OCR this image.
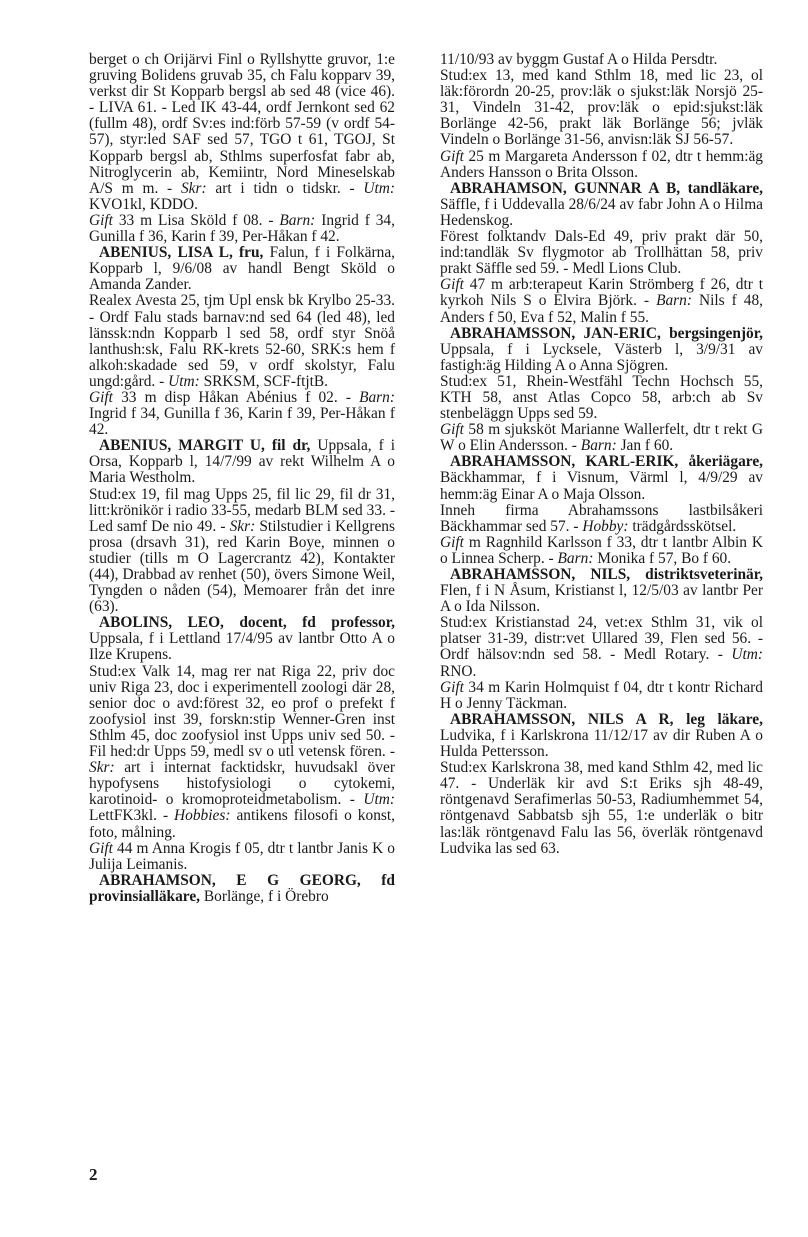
berget o ch Orijärvi Finl o Ryllshytte gruvor, 1:e gruving Bolidens gruvab 35, ch Falu kopparv 39, verkst dir St Kopparb bergsl ab sed 48 (vice 46). - LIVA 61. - Led IK 43-44, ordf Jernkont sed 62 (fullm 48), ordf Sv:es ind:förb 57-59 (v ordf 54-57), styr:led SAF sed 57, TGO t 61, TGOJ, St Kopparb bergsl ab, Sthlms superfosfat fabr ab, Nitroglycerin ab, Kemiintr, Nord Mineselskab A/S m m. - Skr: art i tidn o tidskr. - Utm: KVO1kl, KDDO.

Gift 33 m Lisa Sköld f 08. - Barn: Ingrid f 34, Gunilla f 36, Karin f 39, Per-Håkan f 42.

ABENIUS, LISA L, fru, Falun, f i Folkärna, Kopparb l, 9/6/08 av handl Bengt Sköld o Amanda Zander.

Realex Avesta 25, tjm Upl ensk bk Krylbo 25-33. - Ordf Falu stads barnav:nd sed 64 (led 48), led länssk:ndn Kopparb l sed 58, ordf styr Snöå lanthush:sk, Falu RK-krets 52-60, SRK:s hem f alkoh:skadade sed 59, v ordf skolstyr, Falu ungd:gård. - Utm: SRKSM, SCF-ftjtB.

Gift 33 m disp Håkan Abénius f 02. - Barn: Ingrid f 34, Gunilla f 36, Karin f 39, Per-Håkan f 42.

ABENIUS, MARGIT U, fil dr, Uppsala, f i Orsa, Kopparb l, 14/7/99 av rekt Wilhelm A o Maria Westholm.

Stud:ex 19, fil mag Upps 25, fil lic 29, fil dr 31, litt:krönikör i radio 33-55, medarb BLM sed 33. - Led samf De nio 49. - Skr: Stilstudier i Kellgrens prosa (drsavh 31), red Karin Boye, minnen o studier (tills m O Lagercrantz 42), Kontakter (44), Drabbad av renhet (50), övers Simone Weil, Tyngden o nåden (54), Memoarer från det inre (63).

ABOLINS, LEO, docent, fd professor, Uppsala, f i Lettland 17/4/95 av lantbr Otto A o Ilze Krupens.

Stud:ex Valk 14, mag rer nat Riga 22, priv doc univ Riga 23, doc i experimentell zoologi där 28, senior doc o avd:förest 32, eo prof o prefekt f zoofysiol inst 39, forskn:stip Wenner-Gren inst Sthlm 45, doc zoofysiol inst Upps univ sed 50. - Fil hed:dr Upps 59, medl sv o utl vetensk fören. - Skr: art i internat facktidskr, huvudsakl över hypofysens histofysiologi o cytokemi, karotinoid- o kromoproteidmetabolism. - Utm: LettFK3kl. - Hobbies: antikens filosofi o konst, foto, målning.

Gift 44 m Anna Krogis f 05, dtr t lantbr Janis K o Julija Leimanis.

ABRAHAMSON, E G GEORG, fd provinsialläkare, Borlänge, f i Örebro

11/10/93 av byggm Gustaf A o Hilda Persdtr.

Stud:ex 13, med kand Sthlm 18, med lic 23, ol läk:förordn 20-25, prov:läk o sjukst:läk Norsjö 25-31, Vindeln 31-42, prov:läk o epid:sjukst:läk Borlänge 42-56, prakt läk Borlänge 56; jvläk Vindeln o Borlänge 31-56, anvisn:läk SJ 56-57.

Gift 25 m Margareta Andersson f 02, dtr t hemm:äg Anders Hansson o Brita Olsson.

ABRAHAMSON, GUNNAR A B, tandläkare, Säffle, f i Uddevalla 28/6/24 av fabr John A o Hilma Hedenskog.

Förest folktandv Dals-Ed 49, priv prakt där 50, ind:tandläk Sv flygmotor ab Trollhättan 58, priv prakt Säffle sed 59. - Medl Lions Club.

Gift 47 m arb:terapeut Karin Strömberg f 26, dtr t kyrkoh Nils S o Elvira Björk. - Barn: Nils f 48, Anders f 50, Eva f 52, Malin f 55.

ABRAHAMSSON, JAN-ERIC, bergsingenjör, Uppsala, f i Lycksele, Västerb l, 3/9/31 av fastigh:äg Hilding A o Anna Sjögren.

Stud:ex 51, Rhein-Westfähl Techn Hochsch 55, KTH 58, anst Atlas Copco 58, arb:ch ab Sv stenbeläggn Upps sed 59.

Gift 58 m sjuksköt Marianne Wallerfelt, dtr t rekt G W o Elin Andersson. - Barn: Jan f 60.

ABRAHAMSSON, KARL-ERIK, åkeriägare, Bäckhammar, f i Visnum, Värml l, 4/9/29 av hemm:äg Einar A o Maja Olsson.

Inneh firma Abrahamssons lastbilsåkeri Bäckhammar sed 57. - Hobby: trädgårdsskötsel.

Gift m Ragnhild Karlsson f 33, dtr t lantbr Albin K o Linnea Scherp. - Barn: Monika f 57, Bo f 60.

ABRAHAMSSON, NILS, distriktsveterinär, Flen, f i N Åsum, Kristianst l, 12/5/03 av lantbr Per A o Ida Nilsson.

Stud:ex Kristianstad 24, vet:ex Sthlm 31, vik ol platser 31-39, distr:vet Ullared 39, Flen sed 56. - Ordf hälsov:ndn sed 58. - Medl Rotary. - Utm: RNO.

Gift 34 m Karin Holmquist f 04, dtr t kontr Richard H o Jenny Täckman.

ABRAHAMSSON, NILS A R, leg läkare, Ludvika, f i Karlskrona 11/12/17 av dir Ruben A o Hulda Pettersson.

Stud:ex Karlskrona 38, med kand Sthlm 42, med lic 47. - Underläk kir avd S:t Eriks sjh 48-49, röntgenavd Serafimerlas 50-53, Radiumhemmet 54, röntgenavd Sabbatsb sjh 55, 1:e underläk o bitr las:läk röntgenavd Falu las 56, överläk röntgenavd Ludvika las sed 63.

2
